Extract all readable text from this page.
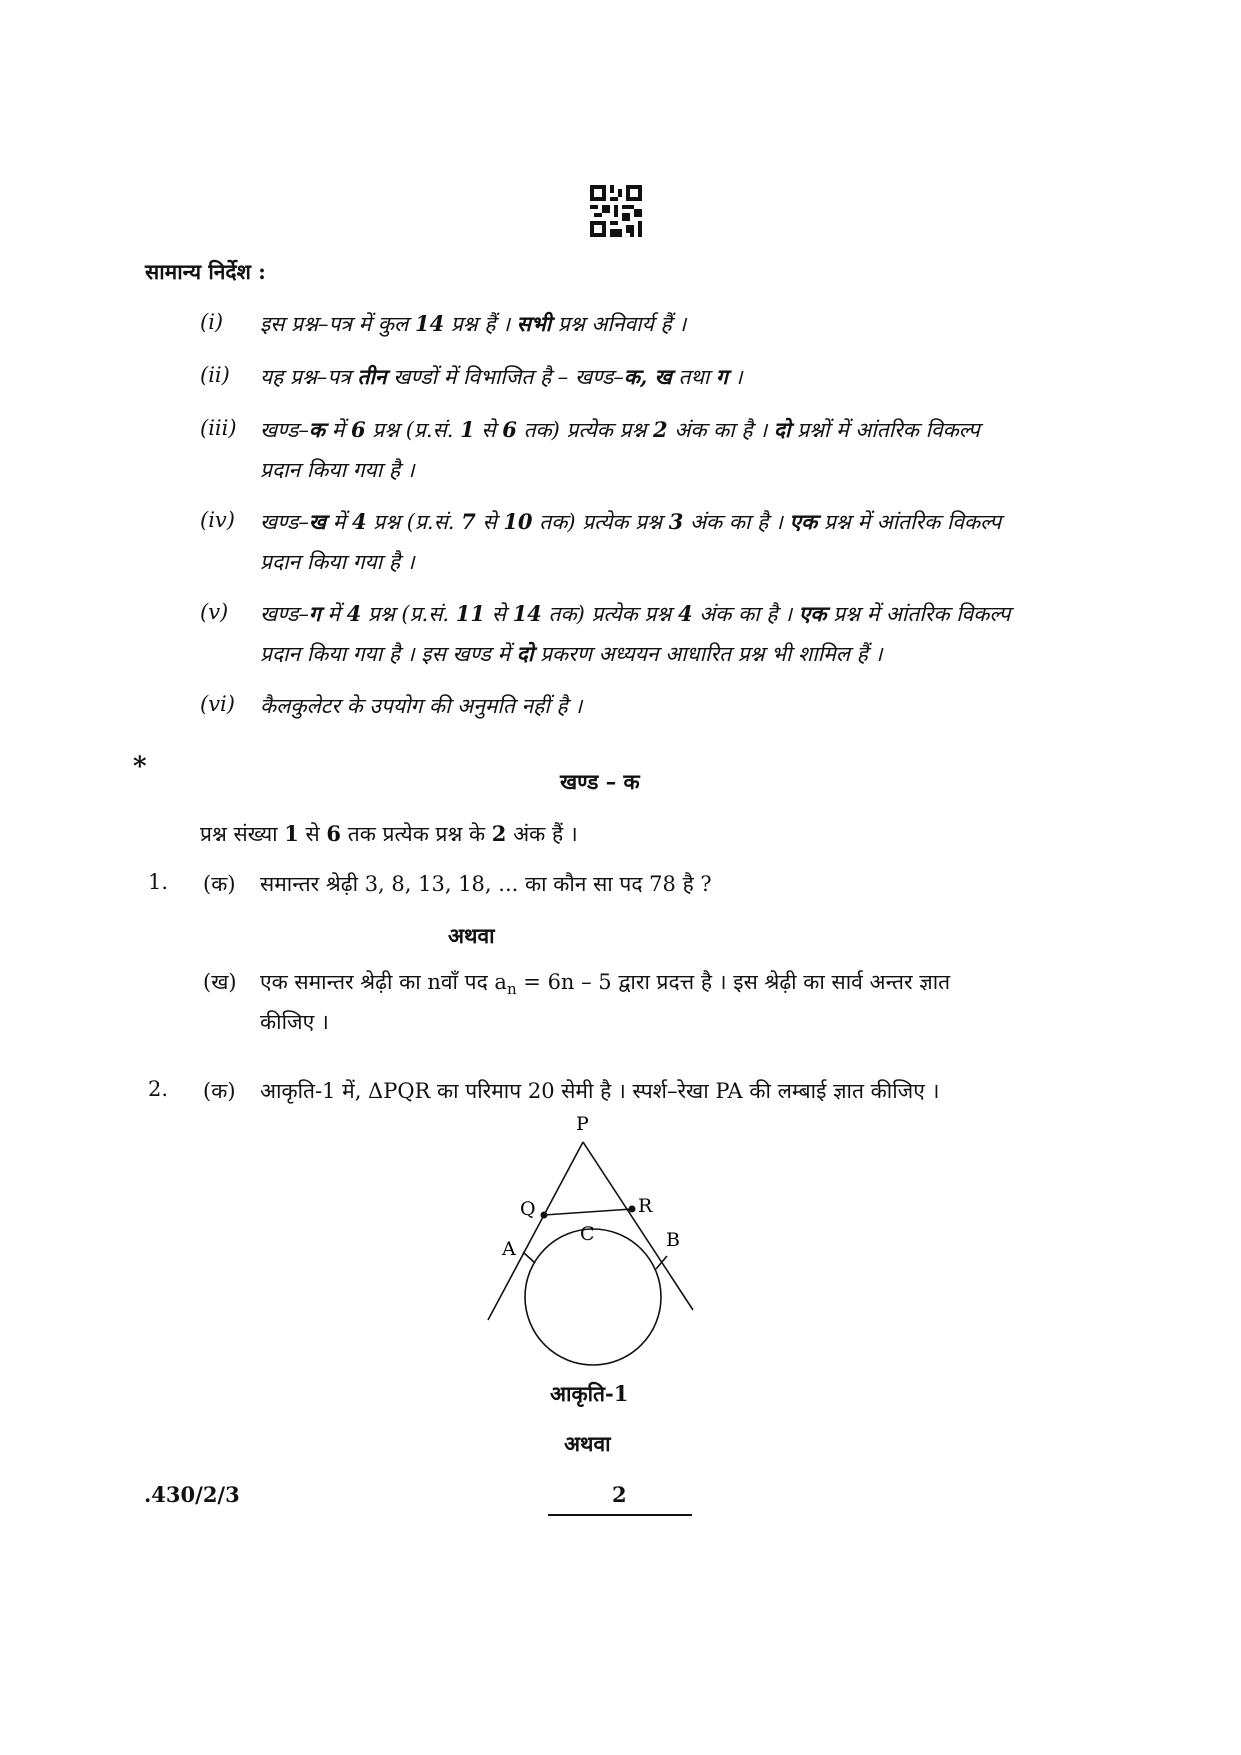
सामान्य निर्देश :
(i) इस प्रश्न–पत्र में कुल 14 प्रश्न हैं । सभी प्रश्न अनिवार्य हैं ।
(ii) यह प्रश्न–पत्र तीन खण्डों में विभाजित है – खण्ड–क, ख तथा ग ।
(iii) खण्ड–क में 6 प्रश्न (प्र.सं. 1 से 6 तक) प्रत्येक प्रश्न 2 अंक का है । दो प्रश्नों में आंतरिक विकल्प
प्रदान किया गया है ।
(iv) खण्ड–ख में 4 प्रश्न (प्र.सं. 7 से 10 तक) प्रत्येक प्रश्न 3 अंक का है । एक प्रश्न में आंतरिक विकल्प
प्रदान किया गया है ।
(v) खण्ड–ग में 4 प्रश्न (प्र.सं. 11 से 14 तक) प्रत्येक प्रश्न 4 अंक का है । एक प्रश्न में आंतरिक विकल्प
प्रदान किया गया है । इस खण्ड में दो प्रकरण अध्ययन आधारित प्रश्न भी शामिल हैं ।
(vi) कैलकुलेटर के उपयोग की अनुमति नहीं है ।
*	खण्ड – क
प्रश्न संख्या 1 से 6 तक प्रत्येक प्रश्न के 2 अंक हैं ।
1. (क) समान्तर श्रेढ़ी 3, 8, 13, 18, ... का कौन सा पद 78 है ?
अथवा
(ख) एक समान्तर श्रेढ़ी का nवाँ पद $a_n = 6n - 5$ द्वारा प्रदत्त है । इस श्रेढ़ी का सार्व अन्तर ज्ञात
कीजिए ।
2. (क) आकृति-1 में, ΔPQR का परिमाप 20 सेमी है । स्पर्श–रेखा PA की लम्बाई ज्ञात कीजिए ।
P
Q	R
A	B
C
आकृति-1
अथवा
.430/2/3	2
